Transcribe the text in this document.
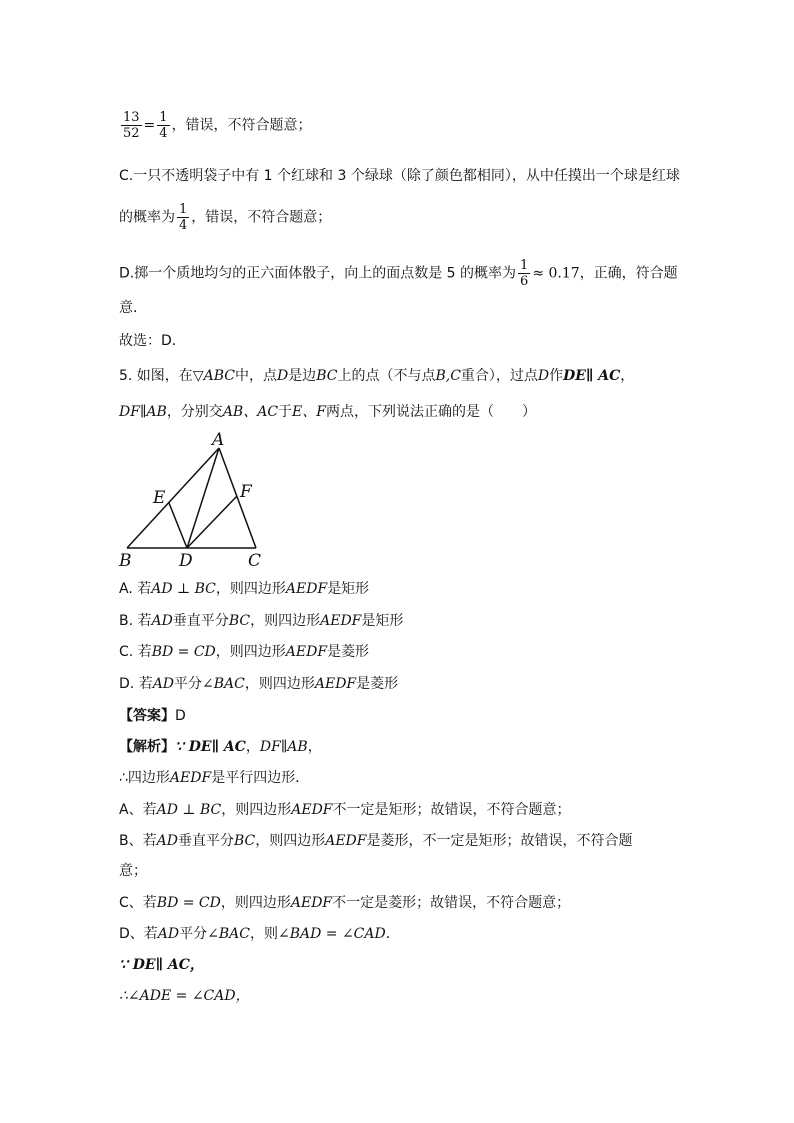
$\frac{13}{52} = \frac{1}{4}$ ，错误，不符合题意；
C.一只不透明袋子中有 1 个红球和 3 个绿球（除了颜色都相同），从中任摸出一个球是红球
的概率为 $\frac{1}{4}$ ，错误，不符合题意；
D.掷一个质地均匀的正六面体骰子，向上的面点数是 5 的概率为 $\frac{1}{6} \approx 0.17$，正确，符合题
意．
故选：D．
5. 如图，在▽ABC中，点D是边BC上的点（不与点B,C重合），过点D作DE∥ AC，
DF∥AB，分别交AB、AC于E、F两点，下列说法正确的是（　　）
A
B	C
D
E	F
A. 若AD ⊥ BC，则四边形AEDF是矩形
B. 若AD垂直平分BC，则四边形AEDF是矩形
C. 若BD = CD，则四边形AEDF是菱形
D. 若AD平分∠BAC，则四边形AEDF是菱形
【答案】D
【解析】∵ DE∥ AC，DF∥AB，
∴四边形AEDF是平行四边形．
A、若AD ⊥ BC，则四边形AEDF不一定是矩形；故错误，不符合题意；
B、若AD垂直平分BC，则四边形AEDF是菱形，不一定是矩形；故错误，不符合题
意；
C、若BD = CD，则四边形AEDF不一定是菱形；故错误，不符合题意；
D、若AD平分∠BAC，则∠BAD = ∠CAD．
∵ DE∥ AC，
∴∠ADE = ∠CAD，
